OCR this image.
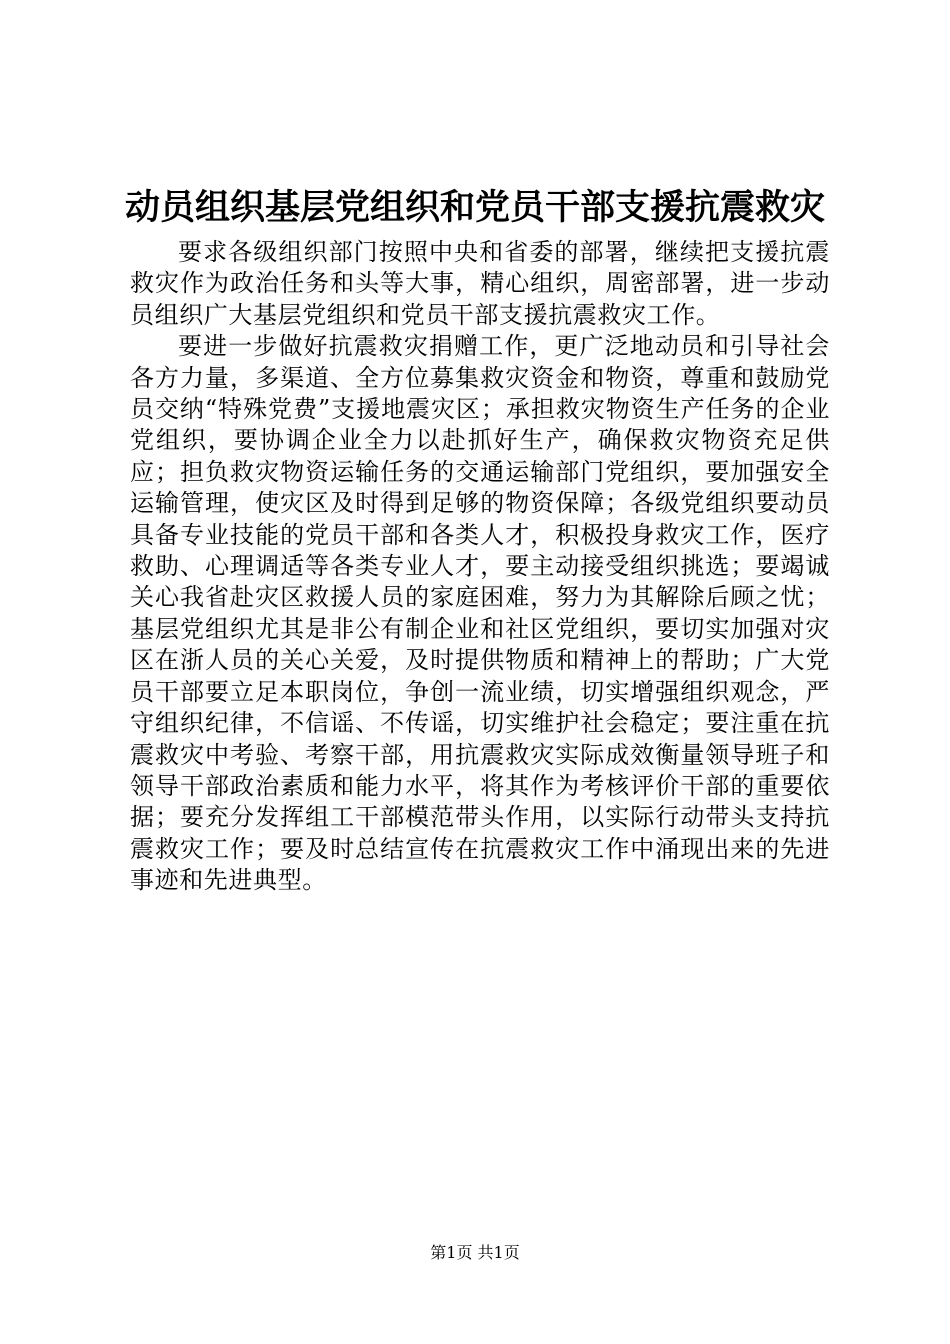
动员组织基层党组织和党员干部支援抗震救灾

要求各级组织部门按照中央和省委的部署，继续把支援抗震救灾作为政治任务和头等大事，精心组织，周密部署，进一步动员组织广大基层党组织和党员干部支援抗震救灾工作。

要进一步做好抗震救灾捐赠工作，更广泛地动员和引导社会各方力量，多渠道、全方位募集救灾资金和物资，尊重和鼓励党员交纳“特殊党费”支援地震灾区；承担救灾物资生产任务的企业党组织，要协调企业全力以赴抓好生产，确保救灾物资充足供应；担负救灾物资运输任务的交通运输部门党组织，要加强安全运输管理，使灾区及时得到足够的物资保障；各级党组织要动员具备专业技能的党员干部和各类人才，积极投身救灾工作，医疗救助、心理调适等各类专业人才，要主动接受组织挑选；要竭诚关心我省赴灾区救援人员的家庭困难，努力为其解除后顾之忧；基层党组织尤其是非公有制企业和社区党组织，要切实加强对灾区在浙人员的关心关爱，及时提供物质和精神上的帮助；广大党员干部要立足本职岗位，争创一流业绩，切实增强组织观念，严守组织纪律，不信谣、不传谣，切实维护社会稳定；要注重在抗震救灾中考验、考察干部，用抗震救灾实际成效衡量领导班子和领导干部政治素质和能力水平，将其作为考核评价干部的重要依据；要充分发挥组工干部模范带头作用，以实际行动带头支持抗震救灾工作；要及时总结宣传在抗震救灾工作中涌现出来的先进事迹和先进典型。

第1页 共1页
